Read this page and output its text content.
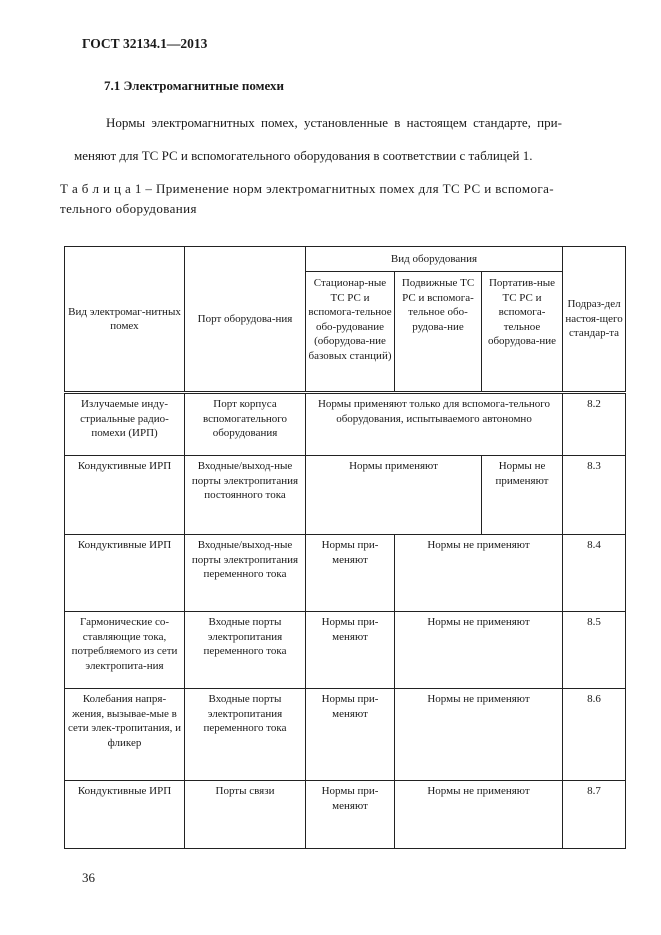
ГОСТ 32134.1—2013
7.1 Электромагнитные помехи
Нормы электромагнитных помех, установленные в настоящем стандарте, при-
меняют для ТС РС и вспомогательного оборудования в соответствии с таблицей 1.
Т а б л и ц а 1 – Применение норм электромагнитных помех для ТС РС и вспомога-
тельного оборудования
Вид электромаг-нитных помех	Порт оборудова-ния	Вид оборудования			Подраз-дел настоя-щего стандар-та
		Стационар-ные ТС РС и вспомога-тельное обо-рудование (оборудова-ние базовых станций)	Подвижные ТС РС и вспомога-тельное обо-рудова-ние	Портатив-ные ТС РС и вспомога-тельное оборудова-ние	
Излучаемые инду-стриальные радио-помехи (ИРП)	Порт корпуса вспомогательного оборудования	Нормы применяют только для вспомога-тельного оборудования, испытываемого автономно			8.2
Кондуктивные ИРП	Входные/выход-ные порты электропитания постоянного тока	Нормы применяют		Нормы не применяют	8.3
Кондуктивные ИРП	Входные/выход-ные порты электропитания переменного тока	Нормы при-меняют	Нормы не применяют		8.4
Гармонические со-ставляющие тока, потребляемого из сети электропита-ния	Входные порты электропитания переменного тока	Нормы при-меняют	Нормы не применяют		8.5
Колебания напря-жения, вызывае-мые в сети элек-тропитания, и фликер	Входные порты электропитания переменного тока	Нормы при-меняют	Нормы не применяют		8.6
Кондуктивные ИРП	Порты связи	Нормы при-меняют	Нормы не применяют		8.7
36
